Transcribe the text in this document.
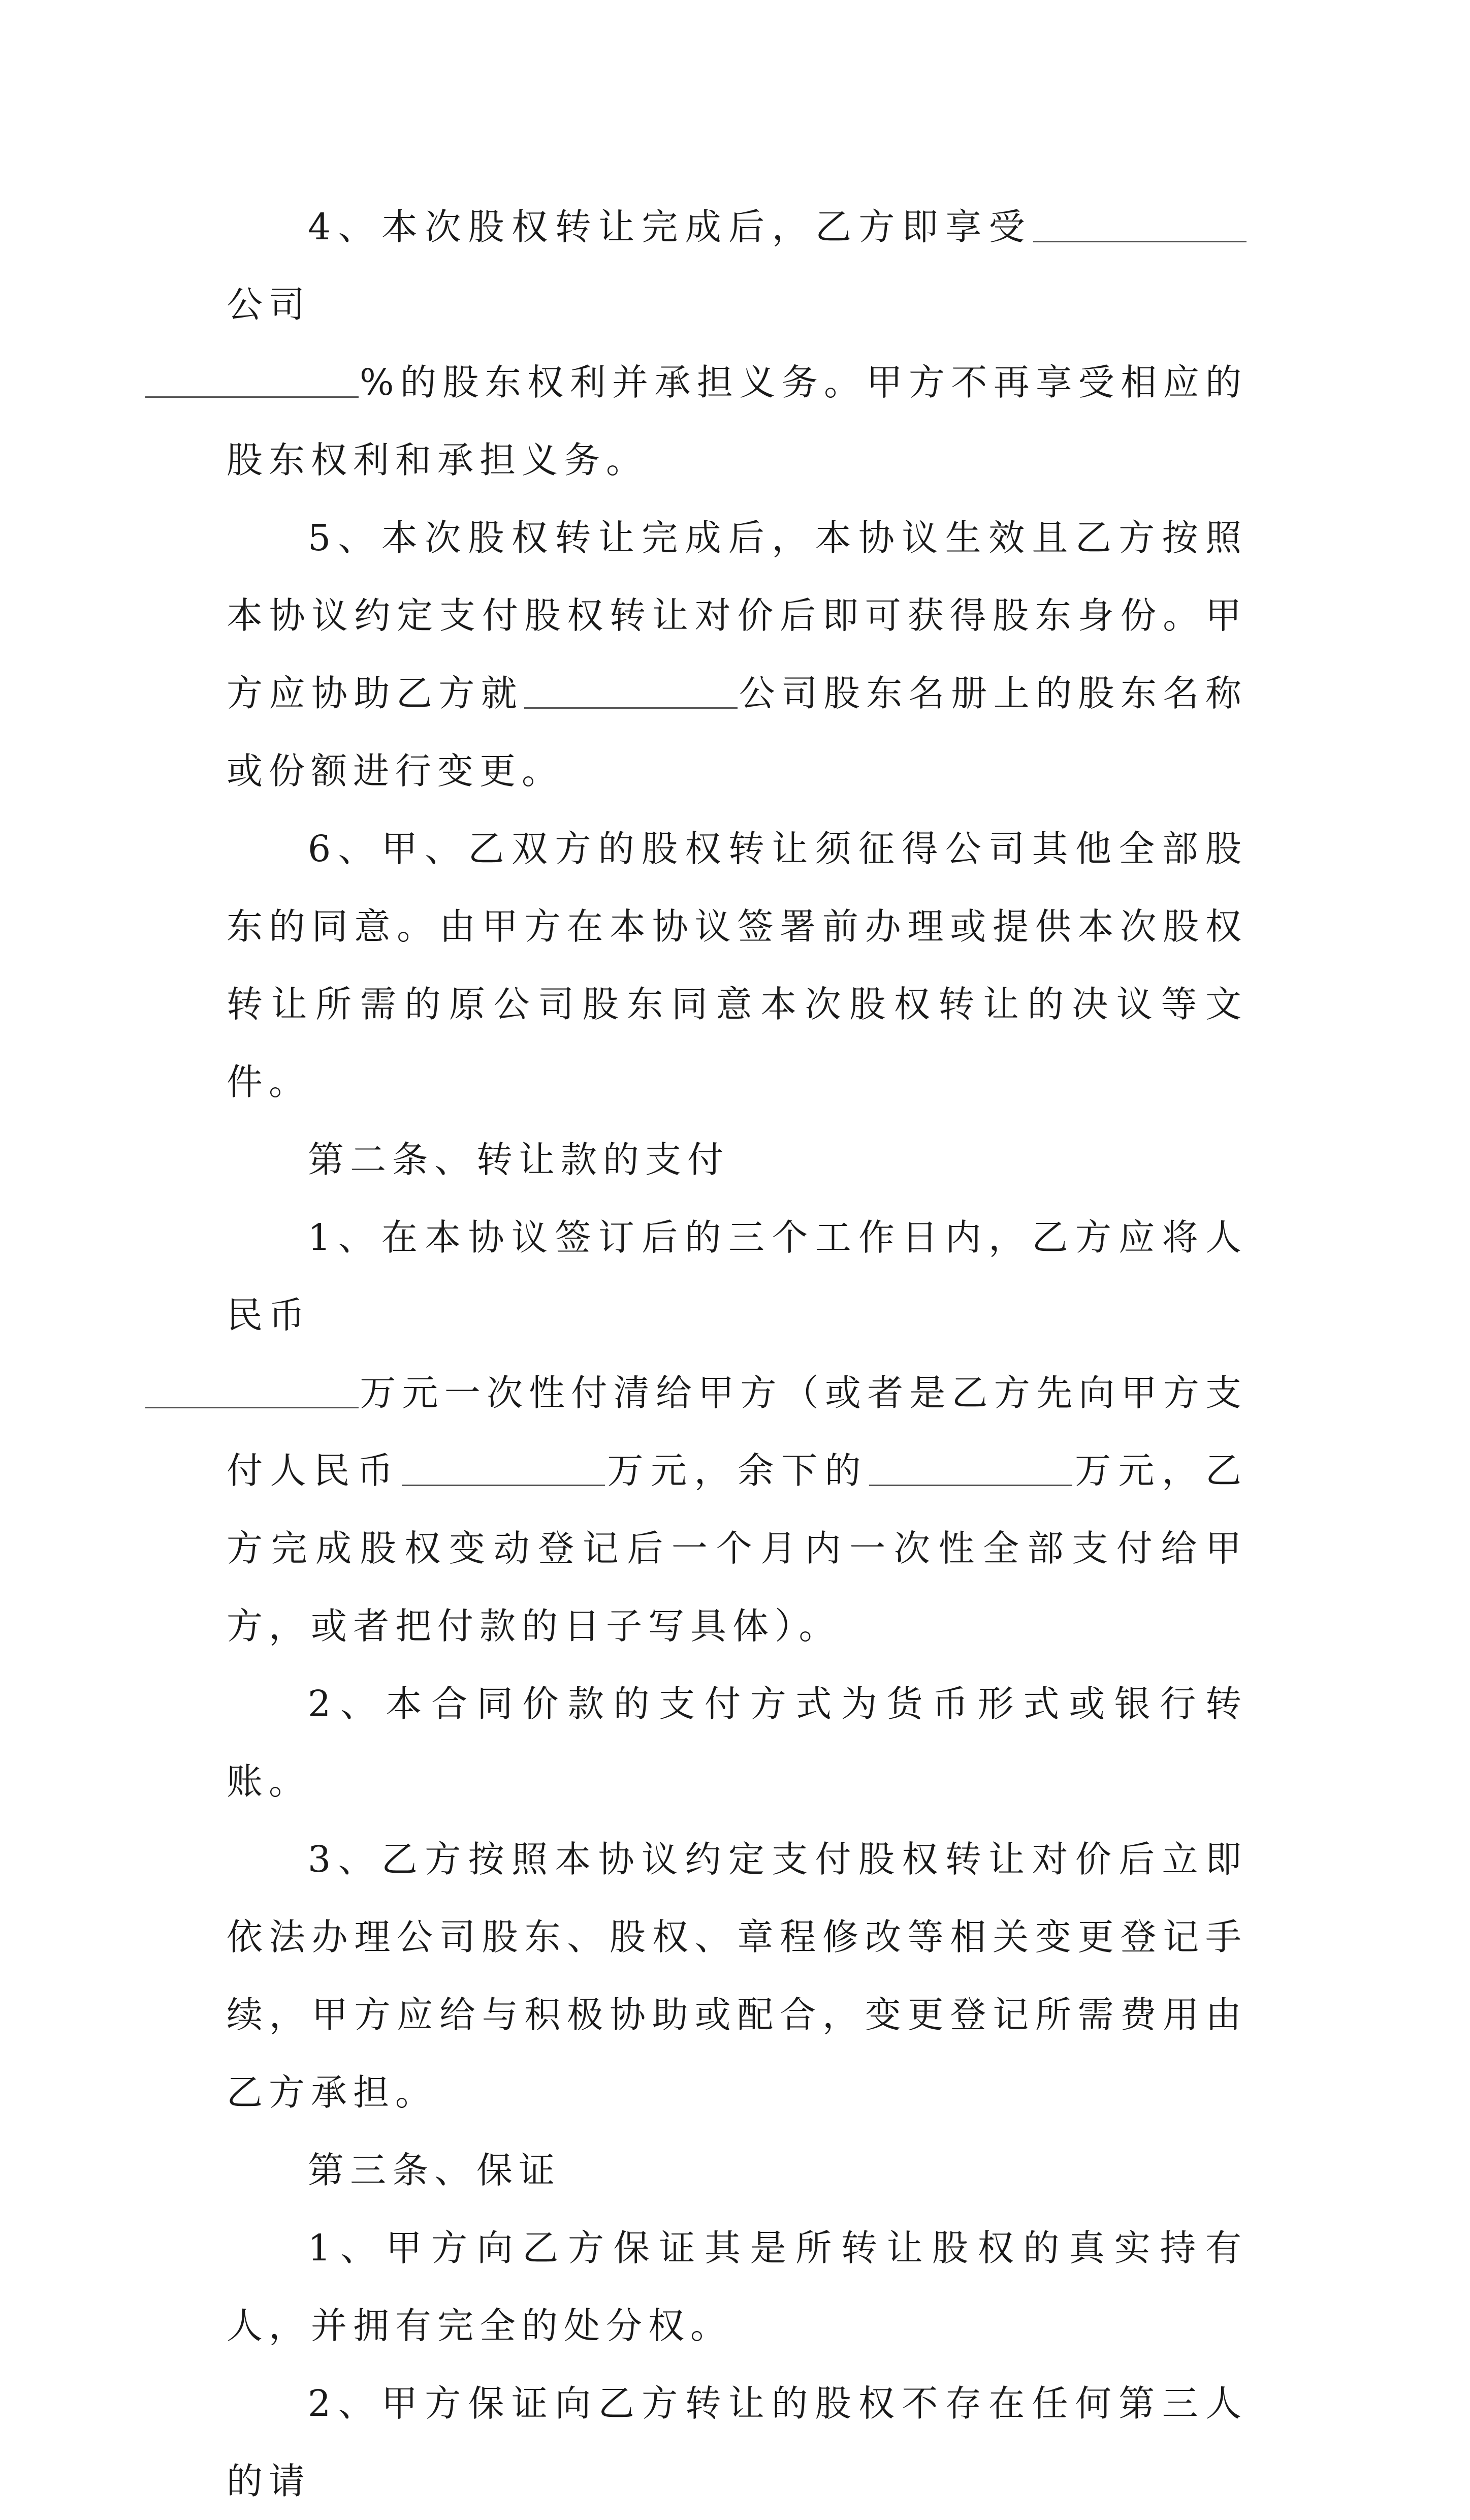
4、本次股权转让完成后，乙方即享受公司
%的股东权利并承担义务。甲方不再享受相应的股东权利和承担义务。

5、本次股权转让完成后，本协议生效且乙方按照本协议约定支付股权转让对价后即可获得股东身份。甲方应协助乙方就	公司股东名册上的股东名称或份额进行变更。

6、甲、乙双方的股权转让须征得公司其他全部股东的同意。由甲方在本协议签署前办理或提供本次股权转让所需的原公司股东同意本次股权转让的决议等文件。

第二条、转让款的支付

1、在本协议签订后的三个工作日内，乙方应将人民币
万元一次性付清给甲方（或者是乙方先向甲方支付人民币	万元，余下的	万元，乙方完成股权变动登记后一个月内一次性全部支付给甲方，或者把付款的日子写具体）。

2、本合同价款的支付方式为货币形式或银行转账。

3、乙方按照本协议约定支付股权转让对价后立即依法办理公司股东、股权、章程修改等相关变更登记手续，甲方应给与积极协助或配合，变更登记所需费用由乙方承担。

第三条、保证

1、甲方向乙方保证其是所转让股权的真实持有人，并拥有完全的处分权。

2、甲方保证向乙方转让的股权不存在任何第三人的请
